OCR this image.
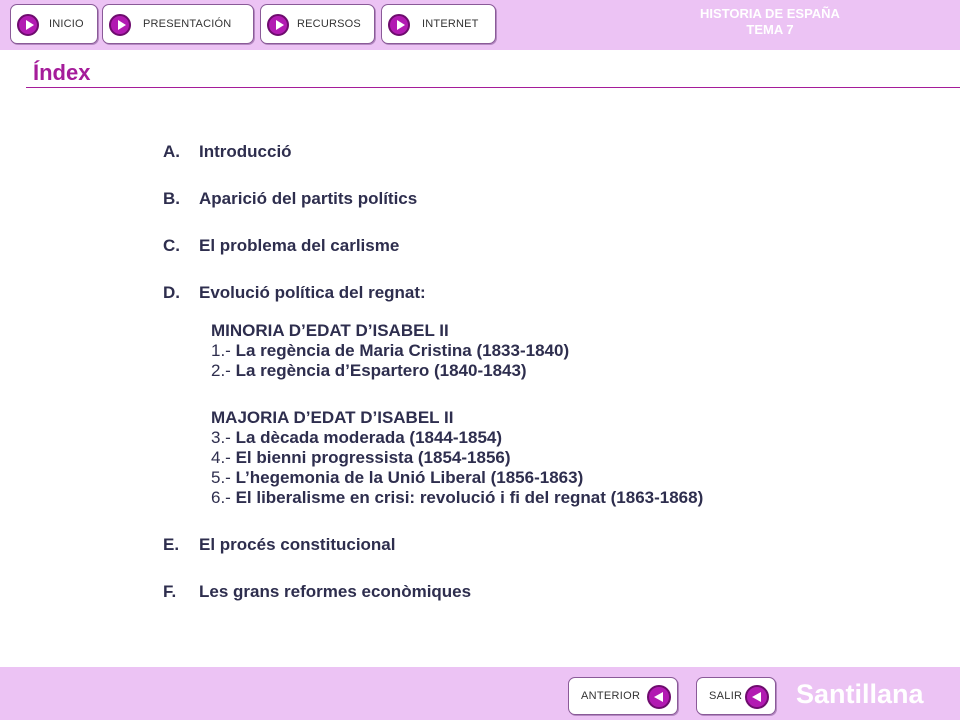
INICIO	PRESENTACIÓN	RECURSOS	INTERNET
HISTORIA DE ESPAÑA
TEMA 7
Índex
A.	Introducció
B.	Aparició del partits polítics
C.	El problema del carlisme
D.	Evolució política del regnat:
MINORIA D’EDAT D’ISABEL II
1.- La regència de Maria Cristina (1833-1840)
2.- La regència d’Espartero (1840-1843)
MAJORIA D’EDAT D’ISABEL II
3.- La dècada moderada (1844-1854)
4.- El bienni progressista (1854-1856)
5.- L’hegemonia de la Unió Liberal (1856-1863)
6.- El liberalisme en crisi: revolució i fi del regnat (1863-1868)
E.	El procés constitucional
F.	Les grans reformes econòmiques
ANTERIOR	SALIR Santillana
